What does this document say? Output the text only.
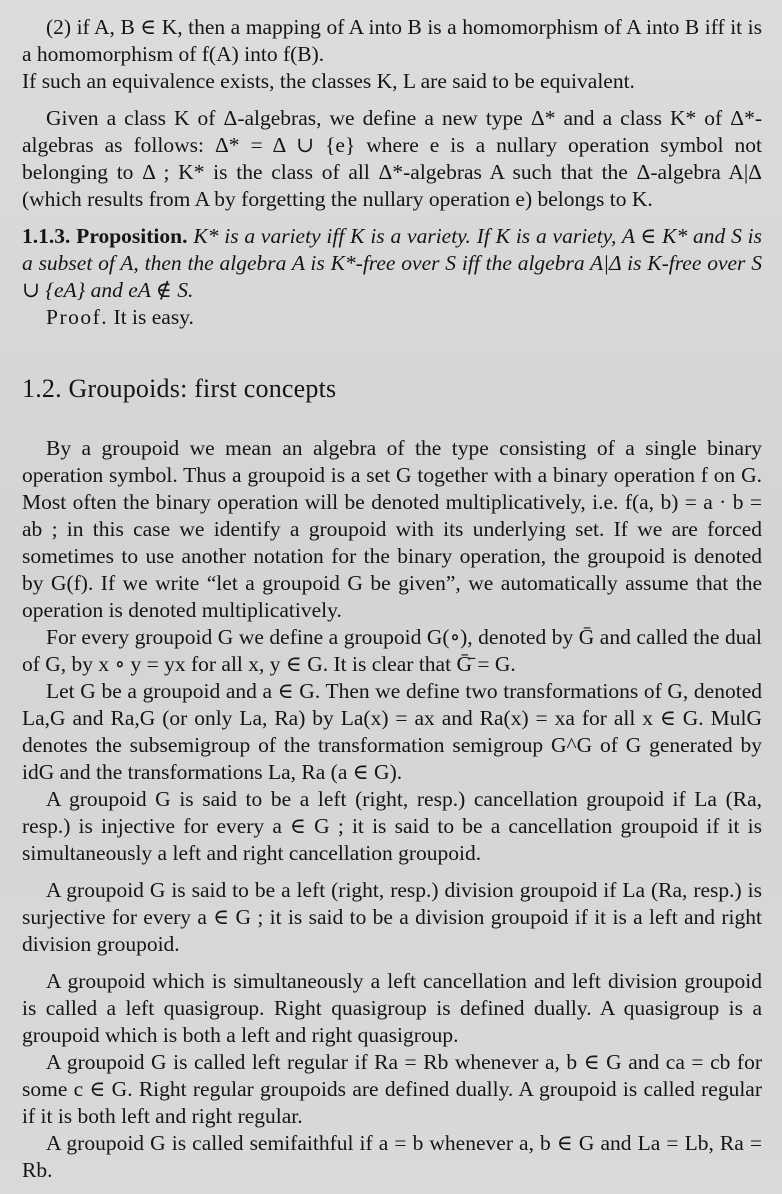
(2) if A, B ∈ K, then a mapping of A into B is a homomorphism of A into B iff it is a homomorphism of f(A) into f(B).

If such an equivalence exists, the classes K, L are said to be equivalent.

Given a class K of Δ-algebras, we define a new type Δ* and a class K* of Δ*-algebras as follows: Δ* = Δ ∪ {e} where e is a nullary operation symbol not belonging to Δ ; K* is the class of all Δ*-algebras A such that the Δ-algebra A|Δ (which results from A by forgetting the nullary operation e) belongs to K.

1.1.3. Proposition. K* is a variety iff K is a variety. If K is a variety, A ∈ K* and S is a subset of A, then the algebra A is K*-free over S iff the algebra A|Δ is K-free over S ∪ {eA} and eA ∉ S.

Proof. It is easy.

1.2. Groupoids: first concepts

By a groupoid we mean an algebra of the type consisting of a single binary operation symbol. Thus a groupoid is a set G together with a binary operation f on G. Most often the binary operation will be denoted multiplicatively, i.e. f(a, b) = a · b = ab ; in this case we identify a groupoid with its underlying set. If we are forced sometimes to use another notation for the binary operation, the groupoid is denoted by G(f). If we write “let a groupoid G be given”, we automatically assume that the operation is denoted multiplicatively.

For every groupoid G we define a groupoid G(∘), denoted by Ḡ and called the dual of G, by x ∘ y = yx for all x, y ∈ G. It is clear that Ḡ̄ = G.

Let G be a groupoid and a ∈ G. Then we define two transformations of G, denoted La,G and Ra,G (or only La, Ra) by La(x) = ax and Ra(x) = xa for all x ∈ G. MulG denotes the subsemigroup of the transformation semigroup G^G of G generated by idG and the transformations La, Ra (a ∈ G).

A groupoid G is said to be a left (right, resp.) cancellation groupoid if La (Ra, resp.) is injective for every a ∈ G ; it is said to be a cancellation groupoid if it is simultaneously a left and right cancellation groupoid.

A groupoid G is said to be a left (right, resp.) division groupoid if La (Ra, resp.) is surjective for every a ∈ G ; it is said to be a division groupoid if it is a left and right division groupoid.

A groupoid which is simultaneously a left cancellation and left division groupoid is called a left quasigroup. Right quasigroup is defined dually. A quasigroup is a groupoid which is both a left and right quasigroup.

A groupoid G is called left regular if Ra = Rb whenever a, b ∈ G and ca = cb for some c ∈ G. Right regular groupoids are defined dually. A groupoid is called regular if it is both left and right regular.

A groupoid G is called semifaithful if a = b whenever a, b ∈ G and La = Lb, Ra = Rb.
